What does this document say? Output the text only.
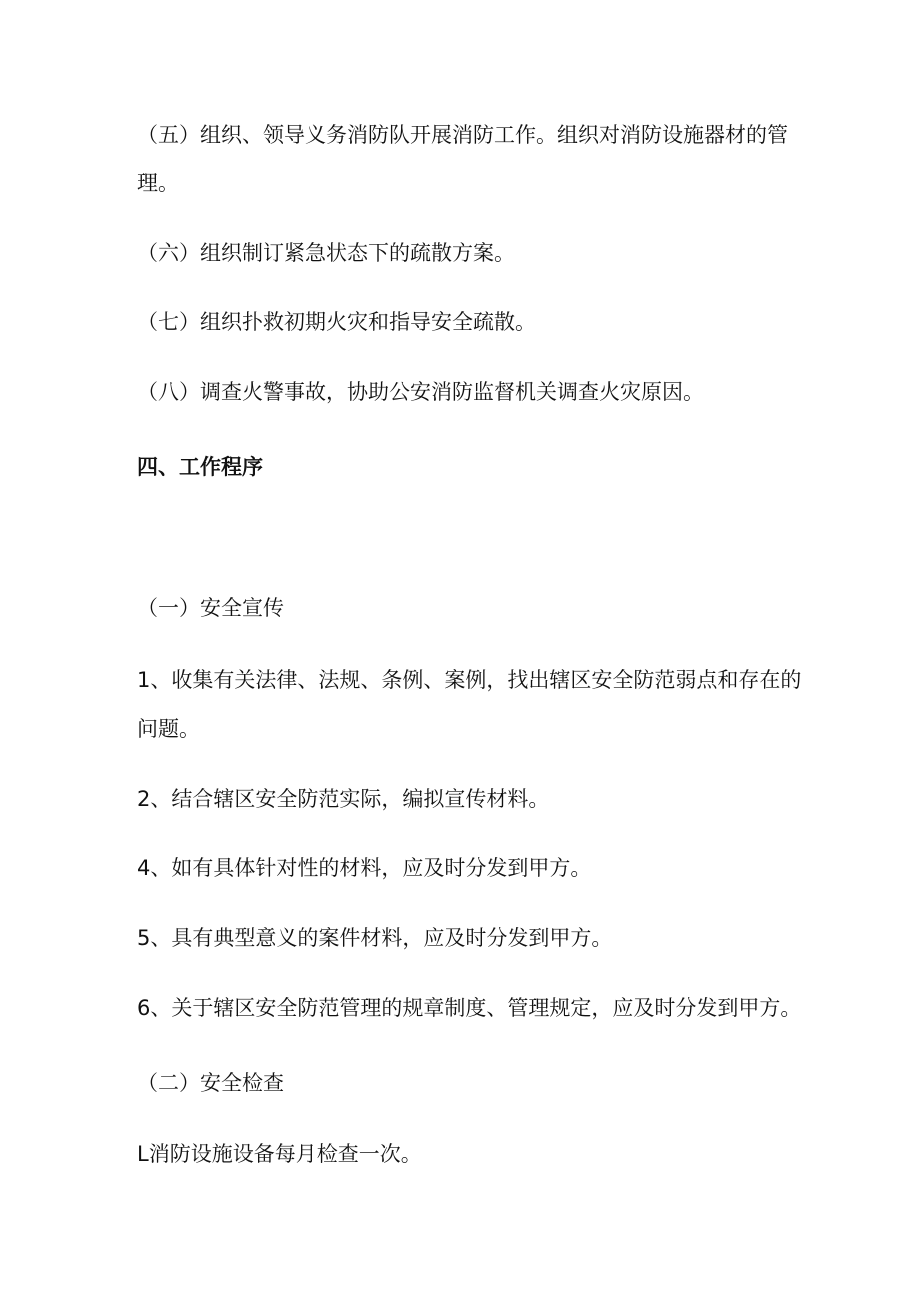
（五）组织、领导义务消防队开展消防工作。组织对消防设施器材的管

理。

（六）组织制订紧急状态下的疏散方案。

（七）组织扑救初期火灾和指导安全疏散。

（八）调查火警事故，协助公安消防监督机关调查火灾原因。

四、工作程序

（一）安全宣传

1、收集有关法律、法规、条例、案例，找出辖区安全防范弱点和存在的

问题。

2、结合辖区安全防范实际，编拟宣传材料。

4、如有具体针对性的材料，应及时分发到甲方。

5、具有典型意义的案件材料，应及时分发到甲方。

6、关于辖区安全防范管理的规章制度、管理规定，应及时分发到甲方。

（二）安全检查

L消防设施设备每月检查一次。
